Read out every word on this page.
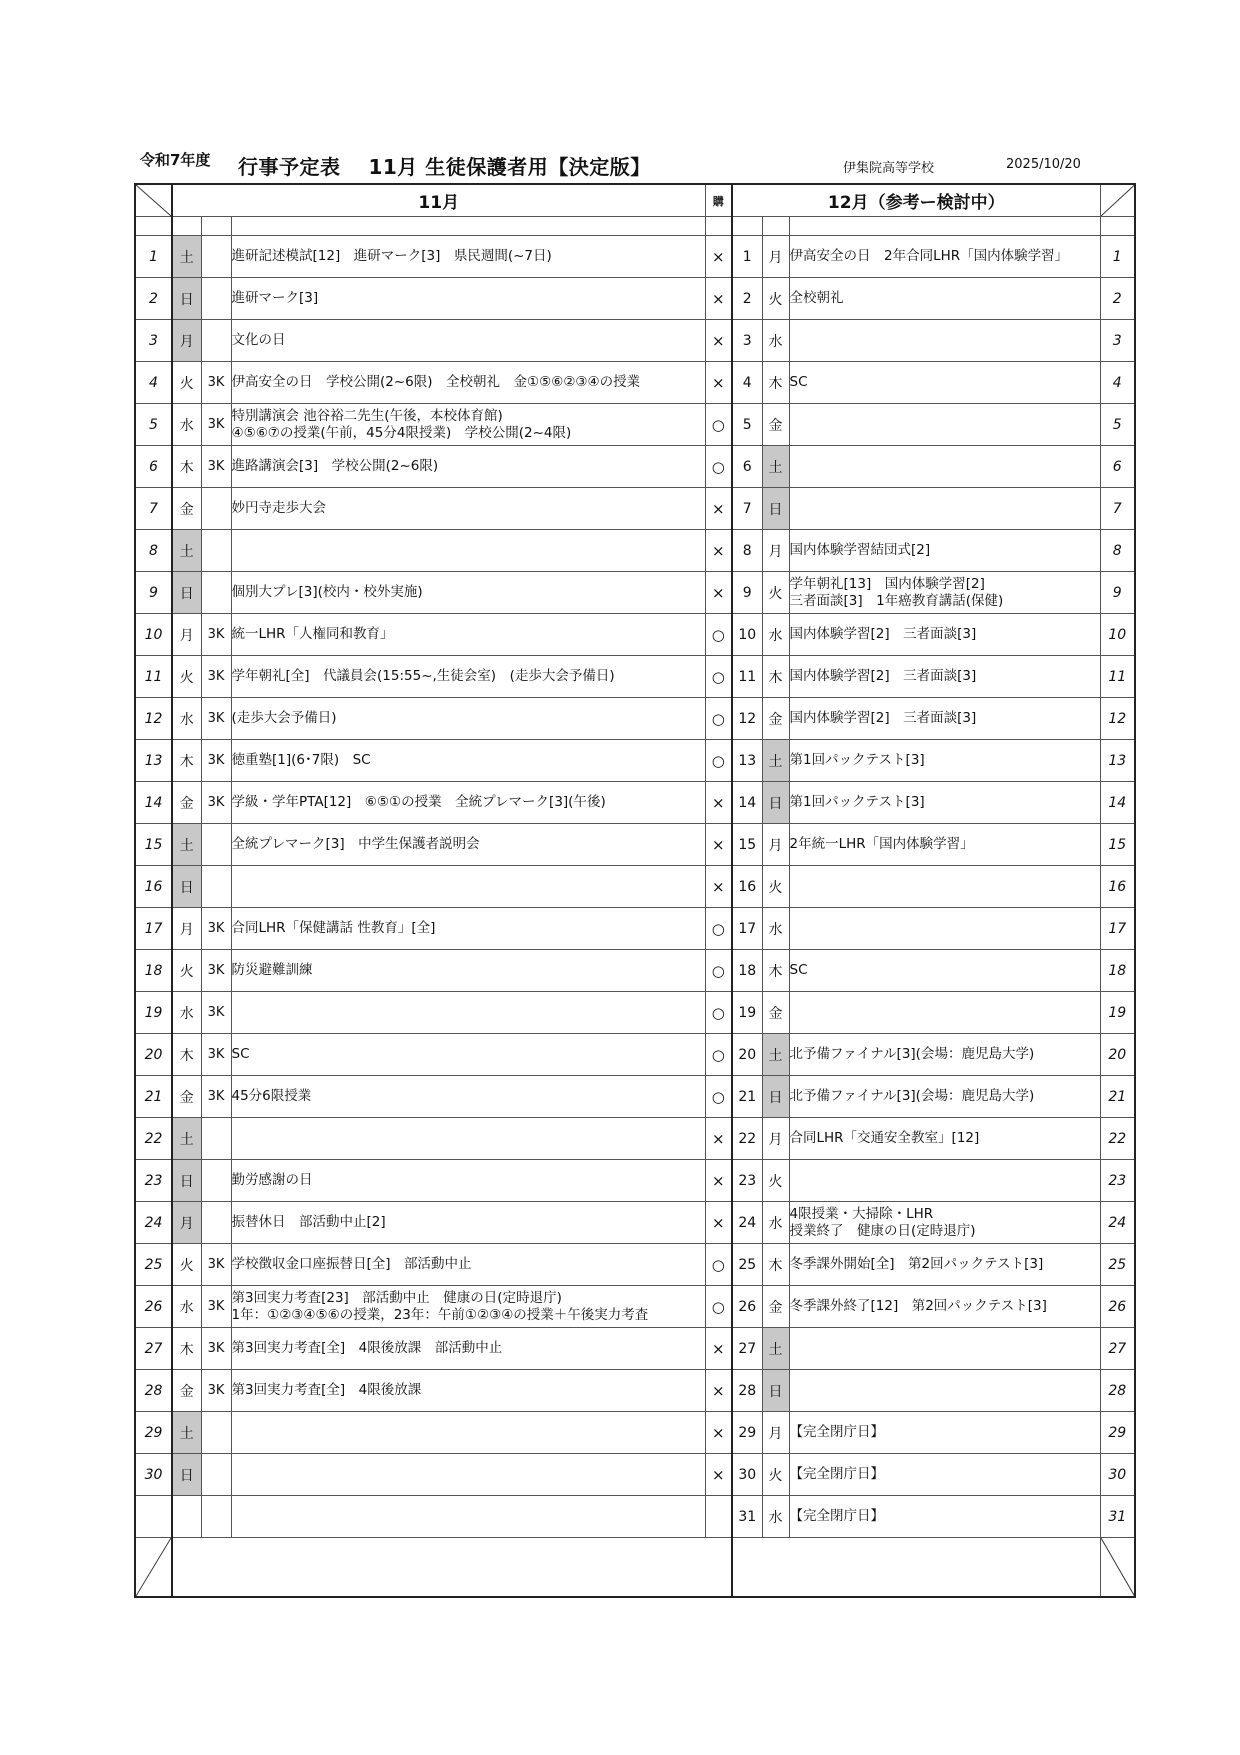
令和7年度 行事予定表　 11月 生徒保護者用【決定版】	伊集院高等学校	2025/10/20
	11月			購	12月（参考ー検討中）	

1	土		進研記述模試[12]　進研マーク[3]　県民週間(~7日)	×	1	月	伊高安全の日　2年合同LHR「国内体験学習」	1
2	日		進研マーク[3]	×	2	火	全校朝礼	2
3	月		文化の日	×	3	水		3
4	火	3K	伊高安全の日　学校公開(2~6限)　全校朝礼　金①⑤⑥②③④の授業	×	4	木	SC	4
5	水	3K	特別講演会 池谷裕二先生(午後，本校体育館)
④⑤⑥⑦の授業(午前，45分4限授業)　学校公開(2~4限)	○	5	金		5
6	木	3K	進路講演会[3]　学校公開(2~6限)	○	6	土		6
7	金		妙円寺走歩大会	×	7	日		7
8	土			×	8	月	国内体験学習結団式[2]	8
9	日		個別大プレ[3](校内・校外実施)	×	9	火	学年朝礼[13]　国内体験学習[2]
三者面談[3]　1年癌教育講話(保健)	9
10	月	3K	統一LHR「人権同和教育」	○	10	水	国内体験学習[2]　三者面談[3]	10
11	火	3K	学年朝礼[全]　代議員会(15:55~,生徒会室)　(走歩大会予備日)	○	11	木	国内体験学習[2]　三者面談[3]	11
12	水	3K	(走歩大会予備日)	○	12	金	国内体験学習[2]　三者面談[3]	12
13	木	3K	徳重塾[1](6･7限)　SC	○	13	土	第1回パックテスト[3]	13
14	金	3K	学級・学年PTA[12]　⑥⑤①の授業　全統プレマーク[3](午後)	×	14	日	第1回パックテスト[3]	14
15	土		全統プレマーク[3]　中学生保護者説明会	×	15	月	2年統一LHR「国内体験学習」	15
16	日			×	16	火		16
17	月	3K	合同LHR「保健講話 性教育」[全]	○	17	水		17
18	火	3K	防災避難訓練	○	18	木	SC	18
19	水	3K		○	19	金		19
20	木	3K	SC	○	20	土	北予備ファイナル[3](会場：鹿児島大学)	20
21	金	3K	45分6限授業	○	21	日	北予備ファイナル[3](会場：鹿児島大学)	21
22	土			×	22	月	合同LHR「交通安全教室」[12]	22
23	日		勤労感謝の日	×	23	火		23
24	月		振替休日　部活動中止[2]	×	24	水	4限授業・大掃除・LHR
授業終了　健康の日(定時退庁)	24
25	火	3K	学校徴収金口座振替日[全]　部活動中止	○	25	木	冬季課外開始[全]　第2回パックテスト[3]	25
26	水	3K	第3回実力考査[23]　部活動中止　健康の日(定時退庁)
1年：①②③④⑤⑥の授業，23年：午前①②③④の授業＋午後実力考査	○	26	金	冬季課外終了[12]　第2回パックテスト[3]	26
27	木	3K	第3回実力考査[全]　4限後放課　部活動中止	×	27	土		27
28	金	3K	第3回実力考査[全]　4限後放課	×	28	日		28
29	土			×	29	月	【完全閉庁日】	29
30	日			×	30	火	【完全閉庁日】	30
					31	水	【完全閉庁日】	31
